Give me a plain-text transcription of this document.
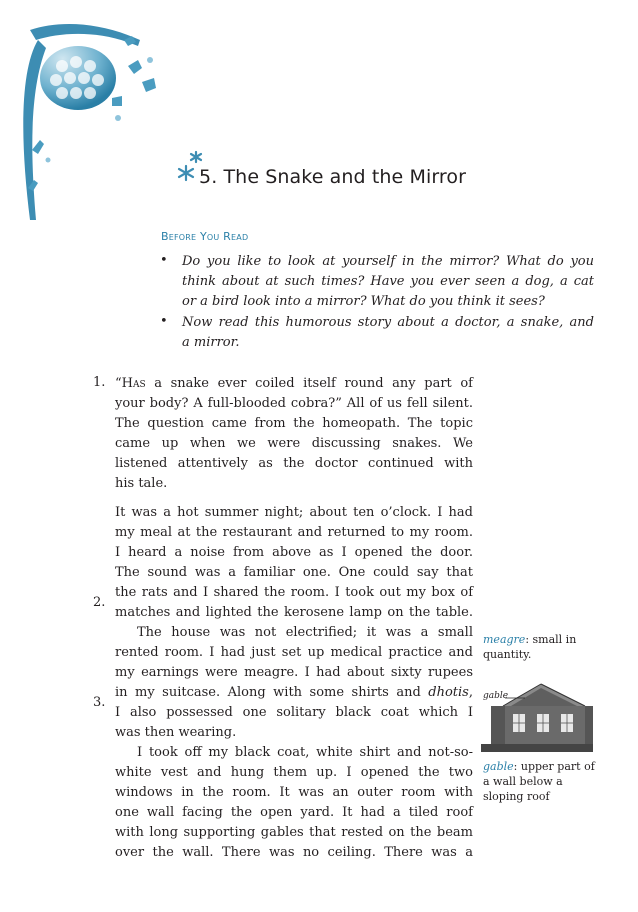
5. The Snake and the Mirror
Before You Read
• Do you like to look at yourself in the mirror? What do you
think about at such times? Have you ever seen a dog, a cat
or a bird look into a mirror? What do you think it sees?
• Now read this humorous story about a doctor, a snake, and
a mirror.
1.
2.
3.
“Has a snake ever coiled itself round any part of
your body? A full-blooded cobra?” All of us fell silent.
The question came from the homeopath. The topic
came up when we were discussing snakes. We
listened attentively as the doctor continued with
his tale.
It was a hot summer night; about ten o’clock. I had
my meal at the restaurant and returned to my room.
I heard a noise from above as I opened the door.
The sound was a familiar one. One could say that
the rats and I shared the room. I took out my box of
matches and lighted the kerosene lamp on the table.
The house was not electrified; it was a small
rented room. I had just set up medical practice and
my earnings were meagre. I had about sixty rupees
in my suitcase. Along with some shirts and dhotis,
I also possessed one solitary black coat which I
was then wearing.
I took off my black coat, white shirt and not-so-
white vest and hung them up. I opened the two
windows in the room. It was an outer room with
one wall facing the open yard. It had a tiled roof
with long supporting gables that rested on the beam
over the wall. There was no ceiling. There was a
meagre: small in
quantity.
gable
gable: upper part of
a wall below a
sloping roof
